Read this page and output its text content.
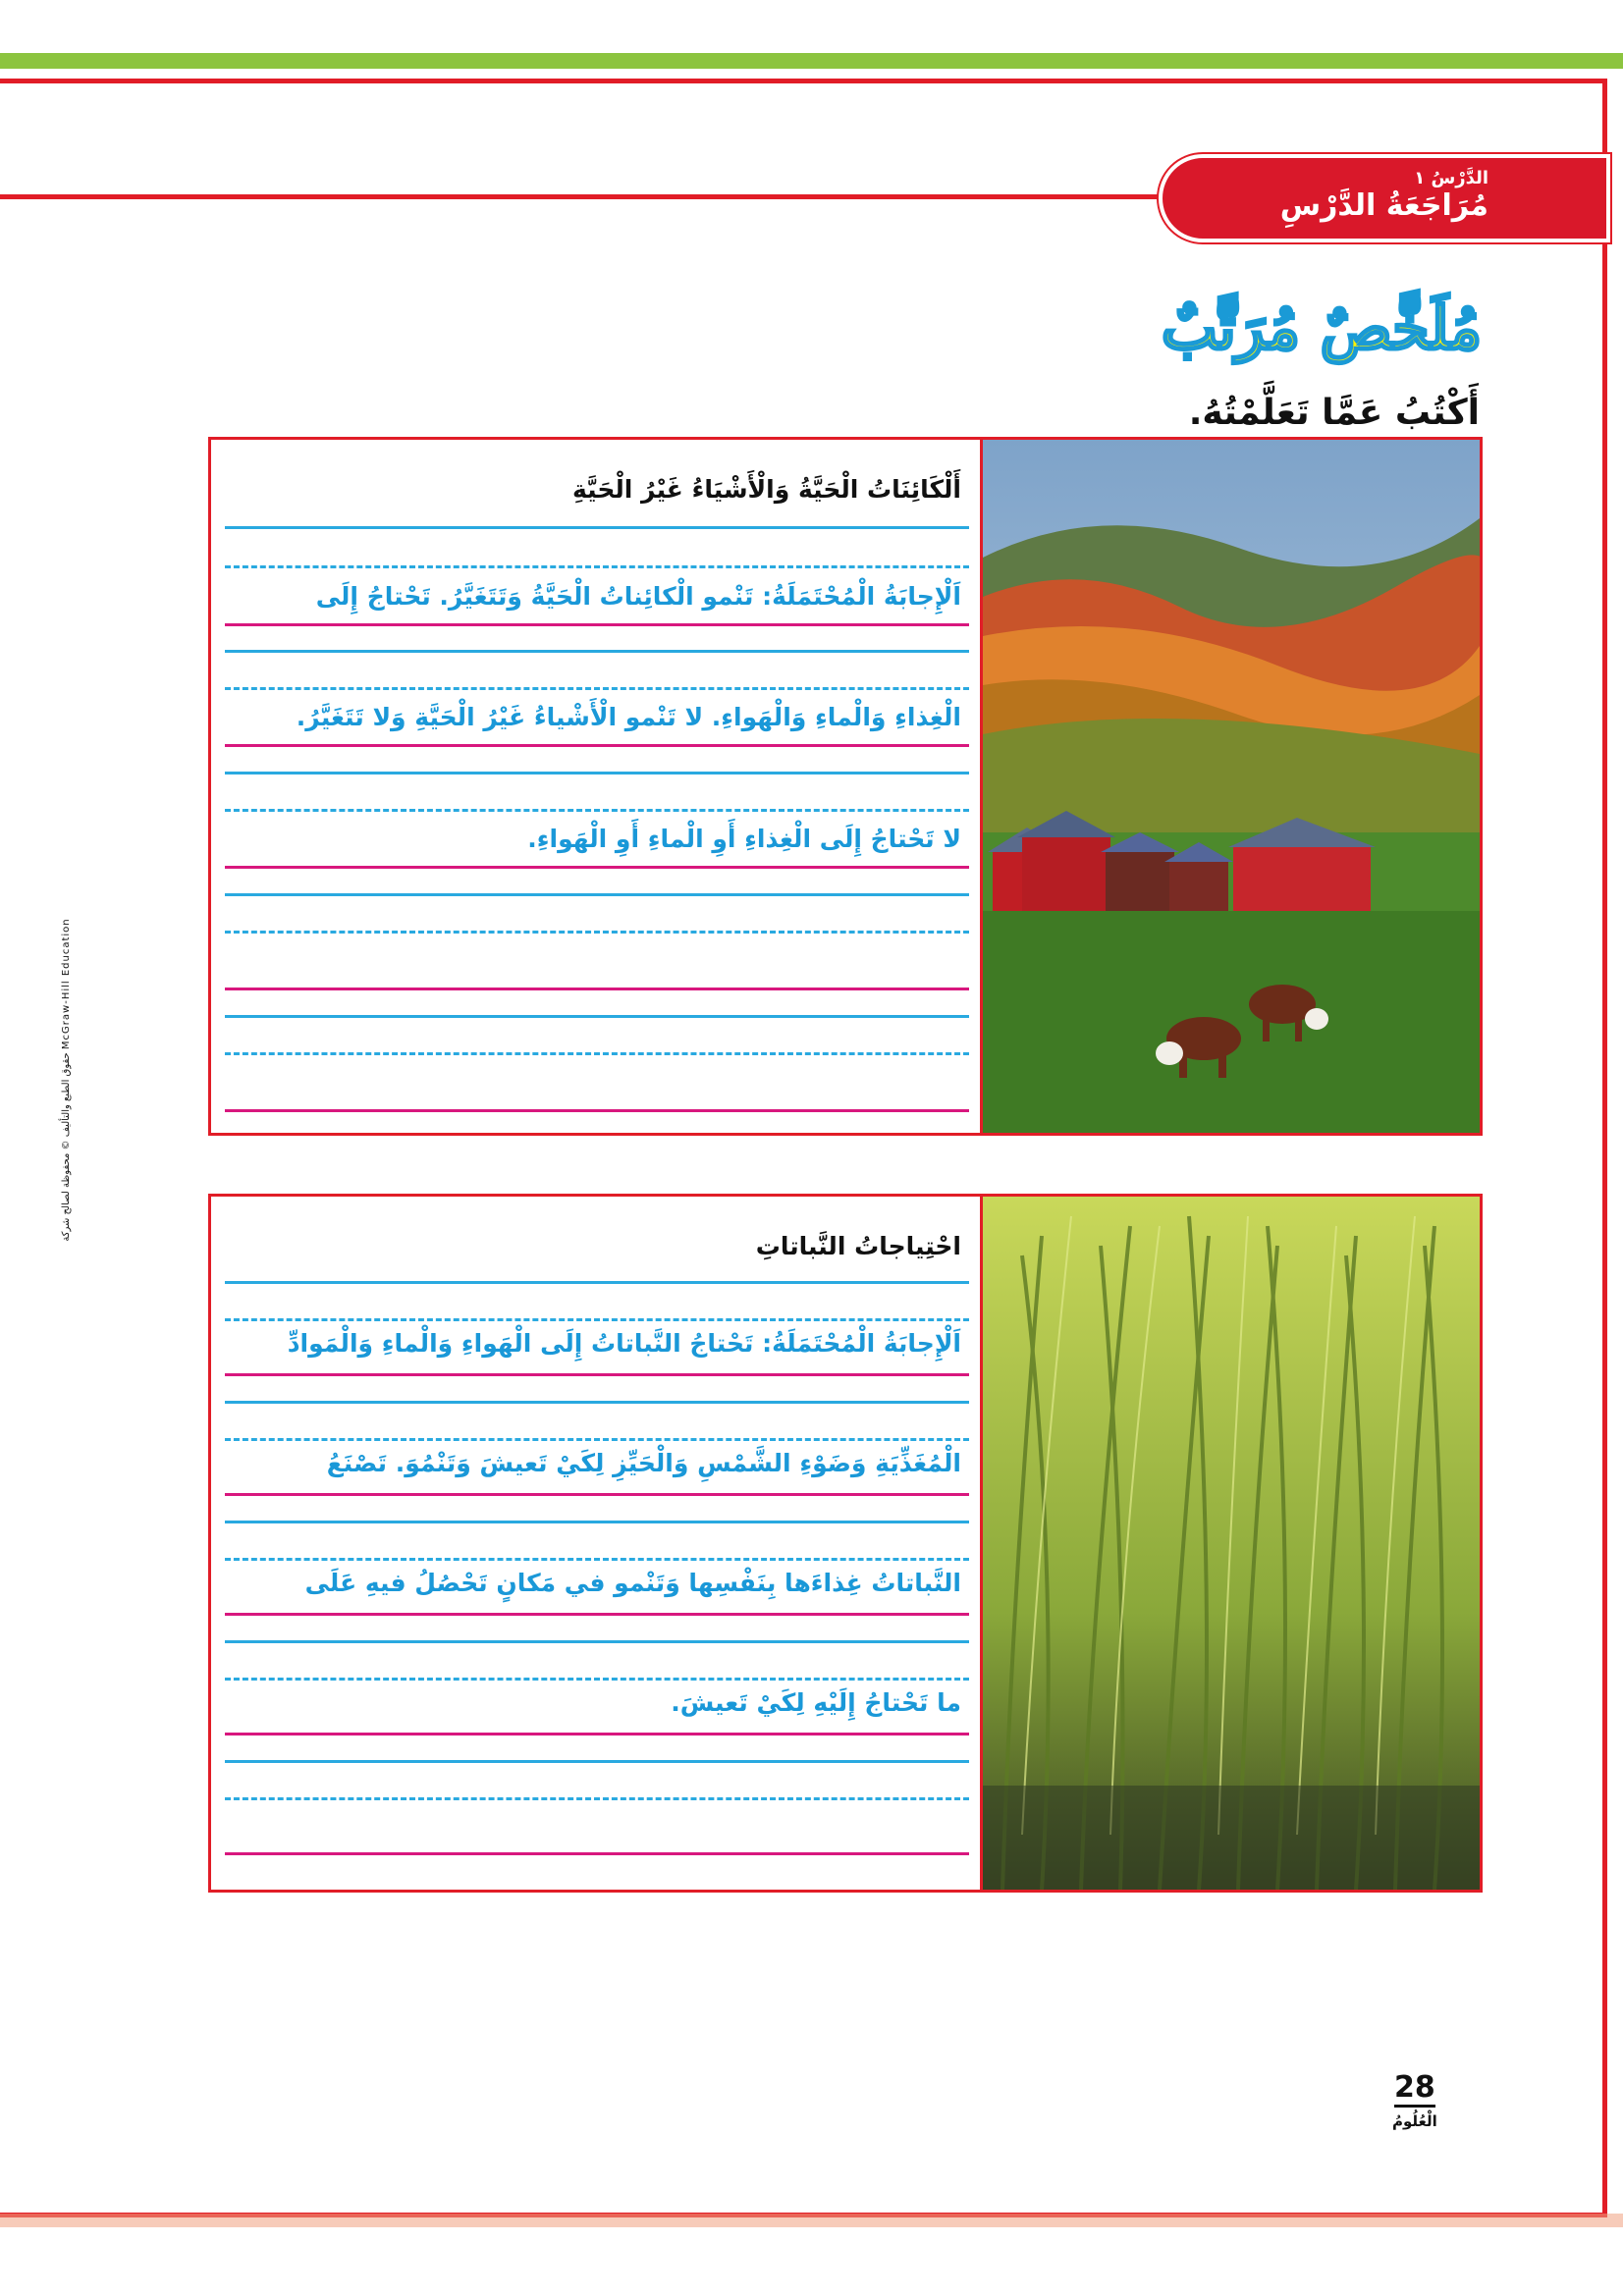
الدَّرْسُ ١
مُرَاجَعَةُ الدَّرْسِ
مُلَخَّصٌ مُرَتَّبٌ
أَكْتُبُ عَمَّا تَعَلَّمْتُهُ.
أَلْكَائِنَاتُ الْحَيَّةُ وَالْأَشْيَاءُ غَيْرُ الْحَيَّةِ
اَلْإِجابَةُ الْمُحْتَمَلَةُ: تَنْمو الْكائِناتُ الْحَيَّةُ وَتَتَغَيَّرُ. تَحْتاجُ إِلَى
الْغِذاءِ وَالْماءِ وَالْهَواءِ. لا تَنْمو الْأَشْياءُ غَيْرُ الْحَيَّةِ وَلا تَتَغَيَّرُ.
لا تَحْتاجُ إِلَى الْغِذاءِ أَوِ الْماءِ أَوِ الْهَواءِ.
احْتِياجاتُ النَّباتاتِ
اَلْإِجابَةُ الْمُحْتَمَلَةُ: تَحْتاجُ النَّباتاتُ إِلَى الْهَواءِ وَالْماءِ وَالْمَوادِّ
الْمُغَذِّيَةِ وَضَوْءِ الشَّمْسِ وَالْحَيِّزِ لِكَيْ تَعيشَ وَتَنْمُوَ. تَصْنَعُ
النَّباتاتُ غِذاءَها بِنَفْسِها وَتَنْمو في مَكانٍ تَحْصُلُ فيهِ عَلَى
ما تَحْتاجُ إِلَيْهِ لِكَيْ تَعيشَ.
حقوق الطبع والتأليف © محفوظة لصالح شركة McGraw-Hill Education
28
الْعُلُومُ
